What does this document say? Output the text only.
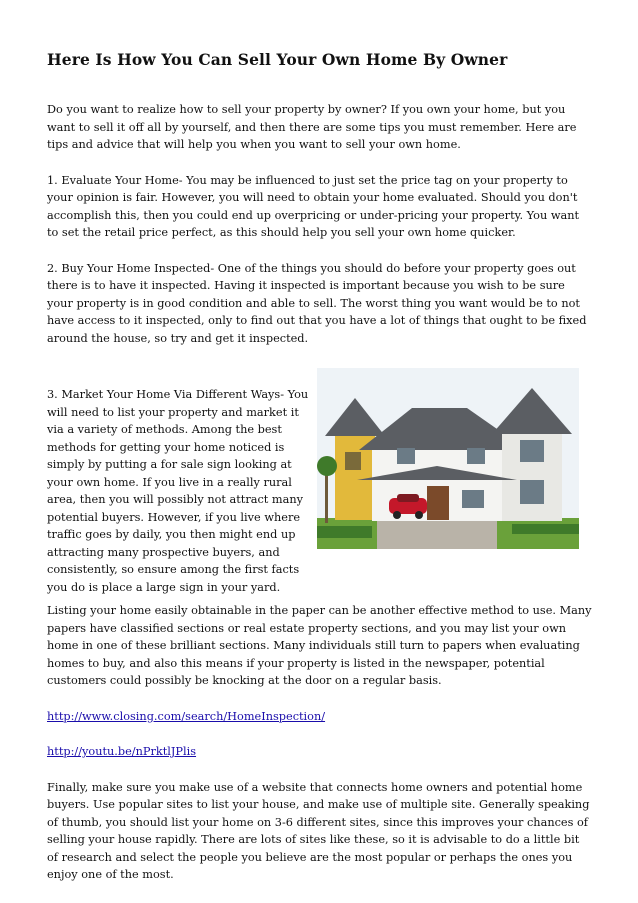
Here Is How You Can Sell Your Own Home By Owner

Do you want to realize how to sell your property by owner? If you own your home, but you want to sell it off all by yourself, and then there are some tips you must remember. Here are tips and advice that will help you when you want to sell your own home.

1. Evaluate Your Home- You may be influenced to just set the price tag on your property to your opinion is fair. However, you will need to obtain your home evaluated. Should you don't accomplish this, then you could end up overpricing or under-pricing your property. You want to set the retail price perfect, as this should help you sell your own home quicker.

2. Buy Your Home Inspected- One of the things you should do before your property goes out there is to have it inspected. Having it inspected is important because you wish to be sure your property is in good condition and able to sell. The worst thing you want would be to not have access to it inspected, only to find out that you have a lot of things that ought to be fixed around the house, so try and get it inspected.

3. Market Your Home Via Different Ways- You will need to list your property and market it via a variety of methods. Among the best methods for getting your home noticed is simply by putting a for sale sign looking at your own home. If you live in a really rural area, then you will possibly not attract many potential buyers. However, if you live where traffic goes by daily, you then might end up attracting many prospective buyers, and consistently, so ensure among the first facts you do is place a large sign in your yard.

Listing your home easily obtainable in the paper can be another effective method to use. Many papers have classified sections or real estate property sections, and you may list your own home in one of these brilliant sections. Many individuals still turn to papers when evaluating homes to buy, and also this means if your property is listed in the newspaper, potential customers could possibly be knocking at the door on a regular basis.

http://www.closing.com/search/HomeInspection/

http://youtu.be/nPrktlJPlis

Finally, make sure you make use of a website that connects home owners and potential home buyers. Use popular sites to list your house, and make use of multiple site. Generally speaking of thumb, you should list your home on 3-6 different sites, since this improves your chances of selling your house rapidly. There are lots of sites like these, so it is advisable to do a little bit of research and select the people you believe are the most popular or perhaps the ones you enjoy one of the most.
